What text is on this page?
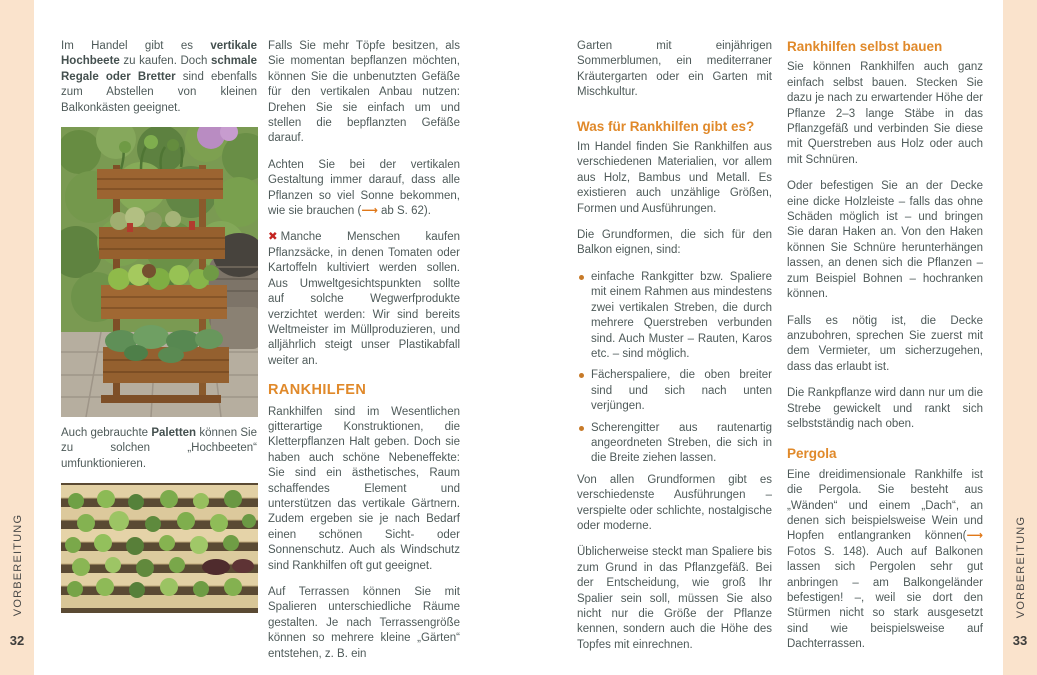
VORBEREITUNG	VORBEREITUNG
32	33

Im Handel gibt es vertikale Hochbeete zu kaufen. Doch schmale Regale oder Bretter sind ebenfalls zum Abstellen von kleinen Balkonkästen geeignet.

Auch gebrauchte Paletten können Sie zu solchen „Hochbeeten“ umfunktionieren.

Falls Sie mehr Töpfe besitzen, als Sie momentan bepflanzen möchten, können Sie die unbenutzten Gefäße für den vertikalen Anbau nutzen: Drehen Sie sie einfach um und stellen die bepflanzten Gefäße darauf.

Achten Sie bei der vertikalen Gestaltung immer darauf, dass alle Pflanzen so viel Sonne bekommen, wie sie brauchen (⟶ ab S. 62).

✖ Manche Menschen kaufen Pflanzsäcke, in denen Tomaten oder Kartoffeln kultiviert werden sollen. Aus Umweltgesichtspunkten sollte auf solche Wegwerfprodukte verzichtet werden: Wir sind bereits Weltmeister im Müllproduzieren, und alljährlich steigt unser Plastikabfall weiter an.

RANKHILFEN

Rankhilfen sind im Wesentlichen gitterartige Konstruktionen, die Kletterpflanzen Halt geben. Doch sie haben auch schöne Nebeneffekte: Sie sind ein ästhetisches, Raum schaffendes Element und unterstützen das vertikale Gärtnern. Zudem ergeben sie je nach Bedarf einen schönen Sicht- oder Sonnenschutz. Auch als Windschutz sind Rankhilfen oft gut geeignet.

Auf Terrassen können Sie mit Spalieren unterschiedliche Räume gestalten. Je nach Terrassengröße können so mehrere kleine „Gärten“ entstehen, z. B. ein

Garten mit einjährigen Sommerblumen, ein mediterraner Kräutergarten oder ein Garten mit Mischkultur.

Was für Rankhilfen gibt es?

Im Handel finden Sie Rankhilfen aus verschiedenen Materialien, vor allem aus Holz, Bambus und Metall. Es existieren auch unzählige Größen, Formen und Ausführungen.

Die Grundformen, die sich für den Balkon eignen, sind:

einfache Rankgitter bzw. Spaliere mit einem Rahmen aus mindestens zwei vertikalen Streben, die durch mehrere Querstreben verbunden sind. Auch Muster – Rauten, Karos etc. – sind möglich.
Fächerspaliere, die oben breiter sind und sich nach unten verjüngen.
Scherengitter aus rautenartig angeordneten Streben, die sich in die Breite ziehen lassen.

Von allen Grundformen gibt es verschiedenste Ausführungen – verspielte oder schlichte, nostalgische oder moderne.

Üblicherweise steckt man Spaliere bis zum Grund in das Pflanzgefäß. Bei der Entscheidung, wie groß Ihr Spalier sein soll, müssen Sie also nicht nur die Größe der Pflanze kennen, sondern auch die Höhe des Topfes mit einrechnen.

Rankhilfen selbst bauen

Sie können Rankhilfen auch ganz einfach selbst bauen. Stecken Sie dazu je nach zu erwartender Höhe der Pflanze 2–3 lange Stäbe in das Pflanzgefäß und verbinden Sie diese mit Querstreben aus Holz oder auch mit Schnüren.

Oder befestigen Sie an der Decke eine dicke Holzleiste – falls das ohne Schäden möglich ist – und bringen Sie daran Haken an. Von den Haken können Sie Schnüre herunterhängen lassen, an denen sich die Pflanzen – zum Beispiel Bohnen – hochranken können.

Falls es nötig ist, die Decke anzubohren, sprechen Sie zuerst mit dem Vermieter, um sicherzugehen, dass das erlaubt ist.

Die Rankpflanze wird dann nur um die Strebe gewickelt und rankt sich selbstständig nach oben.

Pergola

Eine dreidimensionale Rankhilfe ist die Pergola. Sie besteht aus „Wänden“ und einem „Dach“, an denen sich beispielsweise Wein und Hopfen entlangranken können(⟶ Fotos S. 148). Auch auf Balkonen lassen sich Pergolen sehr gut anbringen – am Balkongeländer befestigen! –, weil sie dort den Stürmen nicht so stark ausgesetzt sind wie beispielsweise auf Dachterrassen.
